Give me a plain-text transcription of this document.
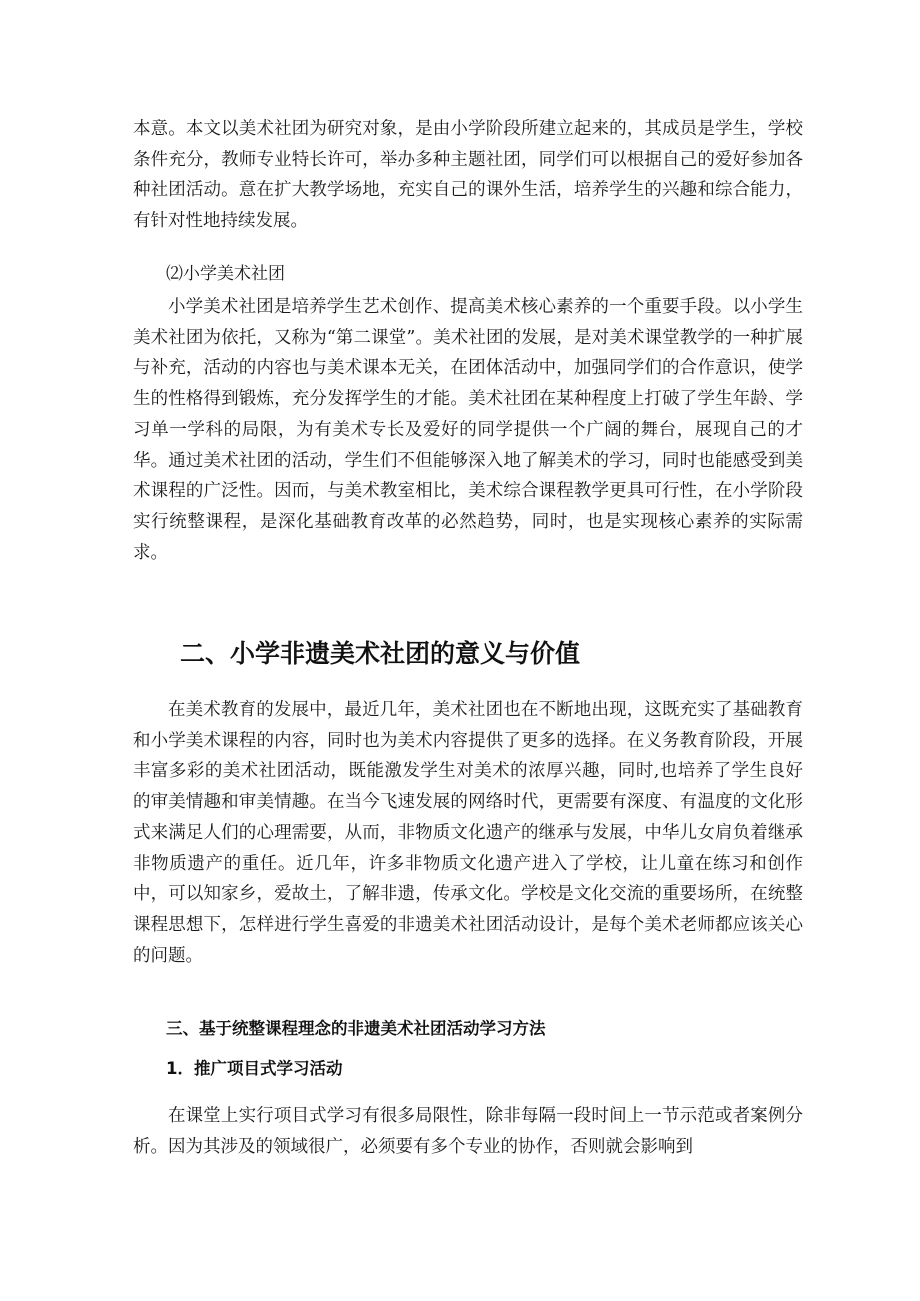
本意。本文以美术社团为研究对象，是由小学阶段所建立起来的，其成员是学生，学校条件充分，教师专业特长许可，举办多种主题社团，同学们可以根据自己的爱好参加各种社团活动。意在扩大教学场地，充实自己的课外生活，培养学生的兴趣和综合能力，有针对性地持续发展。

⑵小学美术社团

小学美术社团是培养学生艺术创作、提高美术核心素养的一个重要手段。以小学生美术社团为依托，又称为“第二课堂”。美术社团的发展，是对美术课堂教学的一种扩展与补充，活动的内容也与美术课本无关，在团体活动中，加强同学们的合作意识，使学生的性格得到锻炼，充分发挥学生的才能。美术社团在某种程度上打破了学生年龄、学习单一学科的局限，为有美术专长及爱好的同学提供一个广阔的舞台，展现自己的才华。通过美术社团的活动，学生们不但能够深入地了解美术的学习，同时也能感受到美术课程的广泛性。因而，与美术教室相比，美术综合课程教学更具可行性，在小学阶段实行统整课程，是深化基础教育改革的必然趋势，同时，也是实现核心素养的实际需求。

二、小学非遗美术社团的意义与价值

在美术教育的发展中，最近几年，美术社团也在不断地出现，这既充实了基础教育和小学美术课程的内容，同时也为美术内容提供了更多的选择。在义务教育阶段，开展丰富多彩的美术社团活动，既能激发学生对美术的浓厚兴趣，同时,也培养了学生良好的审美情趣和审美情趣。在当今飞速发展的网络时代，更需要有深度、有温度的文化形式来满足人们的心理需要，从而，非物质文化遗产的继承与发展，中华儿女肩负着继承非物质遗产的重任。近几年，许多非物质文化遗产进入了学校，让儿童在练习和创作中，可以知家乡，爱故土，了解非遗，传承文化。学校是文化交流的重要场所，在统整课程思想下，怎样进行学生喜爱的非遗美术社团活动设计，是每个美术老师都应该关心的问题。

三、基于统整课程理念的非遗美术社团活动学习方法
1．推广项目式学习活动

在课堂上实行项目式学习有很多局限性，除非每隔一段时间上一节示范或者案例分析。因为其涉及的领域很广，必须要有多个专业的协作，否则就会影响到
